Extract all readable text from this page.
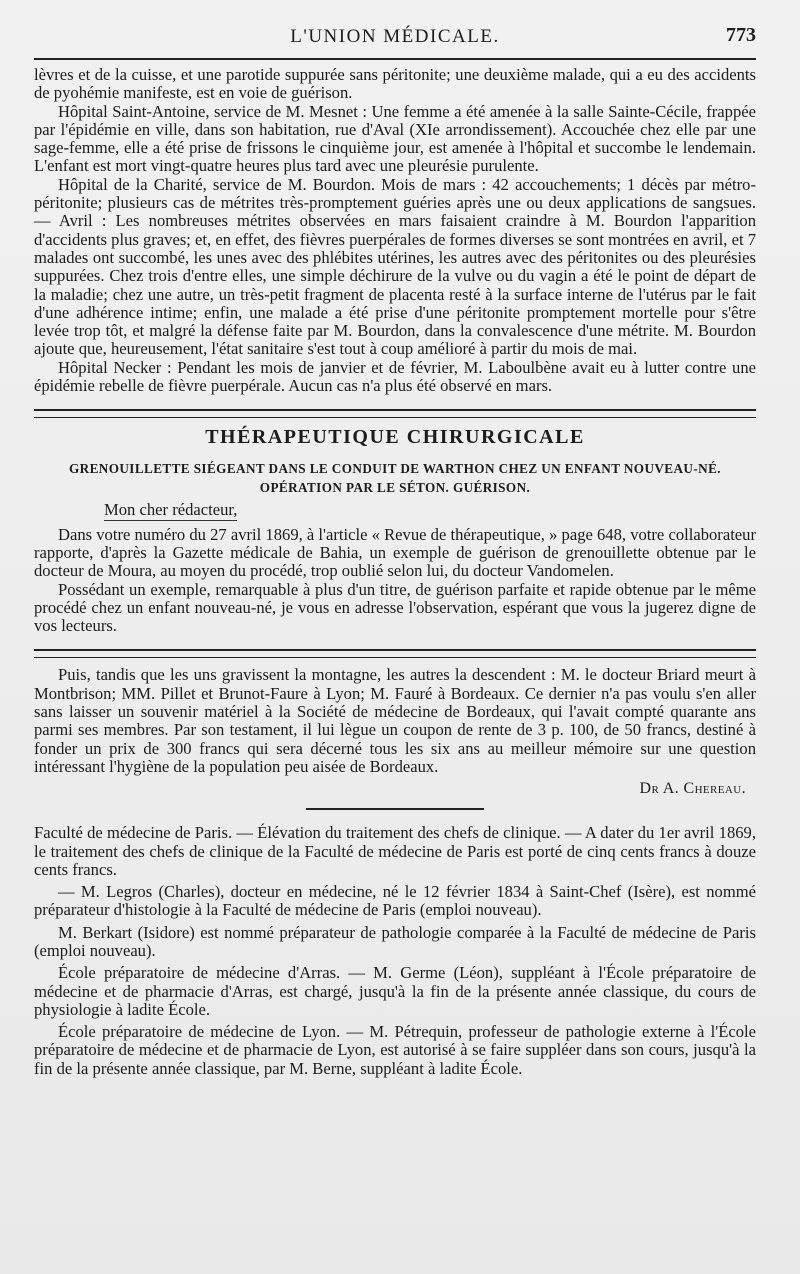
L'UNION MÉDICALE.	773

lèvres et de la cuisse, et une parotide suppurée sans péritonite; une deuxième malade, qui a eu des accidents de pyohémie manifeste, est en voie de guérison.

Hôpital Saint-Antoine, service de M. Mesnet : Une femme a été amenée à la salle Sainte-Cécile, frappée par l'épidémie en ville, dans son habitation, rue d'Aval (XIe arrondissement). Accouchée chez elle par une sage-femme, elle a été prise de frissons le cinquième jour, est amenée à l'hôpital et succombe le lendemain. L'enfant est mort vingt-quatre heures plus tard avec une pleurésie purulente.

Hôpital de la Charité, service de M. Bourdon. Mois de mars : 42 accouchements; 1 décès par métro-péritonite; plusieurs cas de métrites très-promptement guéries après une ou deux applications de sangsues. — Avril : Les nombreuses métrites observées en mars faisaient craindre à M. Bourdon l'apparition d'accidents plus graves; et, en effet, des fièvres puerpérales de formes diverses se sont montrées en avril, et 7 malades ont succombé, les unes avec des phlébites utérines, les autres avec des péritonites ou des pleurésies suppurées. Chez trois d'entre elles, une simple déchirure de la vulve ou du vagin a été le point de départ de la maladie; chez une autre, un très-petit fragment de placenta resté à la surface interne de l'utérus par le fait d'une adhérence intime; enfin, une malade a été prise d'une péritonite promptement mortelle pour s'être levée trop tôt, et malgré la défense faite par M. Bourdon, dans la convalescence d'une métrite. M. Bourdon ajoute que, heureusement, l'état sanitaire s'est tout à coup amélioré à partir du mois de mai.

Hôpital Necker : Pendant les mois de janvier et de février, M. Laboulbène avait eu à lutter contre une épidémie rebelle de fièvre puerpérale. Aucun cas n'a plus été observé en mars.

THÉRAPEUTIQUE CHIRURGICALE
GRENOUILLETTE SIÉGEANT DANS LE CONDUIT DE WARTHON CHEZ UN ENFANT NOUVEAU-NÉ.
OPÉRATION PAR LE SÉTON. GUÉRISON.

Mon cher rédacteur,

Dans votre numéro du 27 avril 1869, à l'article « Revue de thérapeutique, » page 648, votre collaborateur rapporte, d'après la Gazette médicale de Bahia, un exemple de guérison de grenouillette obtenue par le docteur de Moura, au moyen du procédé, trop oublié selon lui, du docteur Vandomelen.

Possédant un exemple, remarquable à plus d'un titre, de guérison parfaite et rapide obtenue par le même procédé chez un enfant nouveau-né, je vous en adresse l'observation, espérant que vous la jugerez digne de vos lecteurs.

Puis, tandis que les uns gravissent la montagne, les autres la descendent : M. le docteur Briard meurt à Montbrison; MM. Pillet et Brunot-Faure à Lyon; M. Fauré à Bordeaux. Ce dernier n'a pas voulu s'en aller sans laisser un souvenir matériel à la Société de médecine de Bordeaux, qui l'avait compté quarante ans parmi ses membres. Par son testament, il lui lègue un coupon de rente de 3 p. 100, de 50 francs, destiné à fonder un prix de 300 francs qui sera décerné tous les six ans au meilleur mémoire sur une question intéressant l'hygiène de la population peu aisée de Bordeaux.

Dr A. Chereau.

Faculté de médecine de Paris. — Élévation du traitement des chefs de clinique. — A dater du 1er avril 1869, le traitement des chefs de clinique de la Faculté de médecine de Paris est porté de cinq cents francs à douze cents francs.

— M. Legros (Charles), docteur en médecine, né le 12 février 1834 à Saint-Chef (Isère), est nommé préparateur d'histologie à la Faculté de médecine de Paris (emploi nouveau).

M. Berkart (Isidore) est nommé préparateur de pathologie comparée à la Faculté de médecine de Paris (emploi nouveau).

École préparatoire de médecine d'Arras. — M. Germe (Léon), suppléant à l'École préparatoire de médecine et de pharmacie d'Arras, est chargé, jusqu'à la fin de la présente année classique, du cours de physiologie à ladite École.

École préparatoire de médecine de Lyon. — M. Pétrequin, professeur de pathologie externe à l'École préparatoire de médecine et de pharmacie de Lyon, est autorisé à se faire suppléer dans son cours, jusqu'à la fin de la présente année classique, par M. Berne, suppléant à ladite École.
